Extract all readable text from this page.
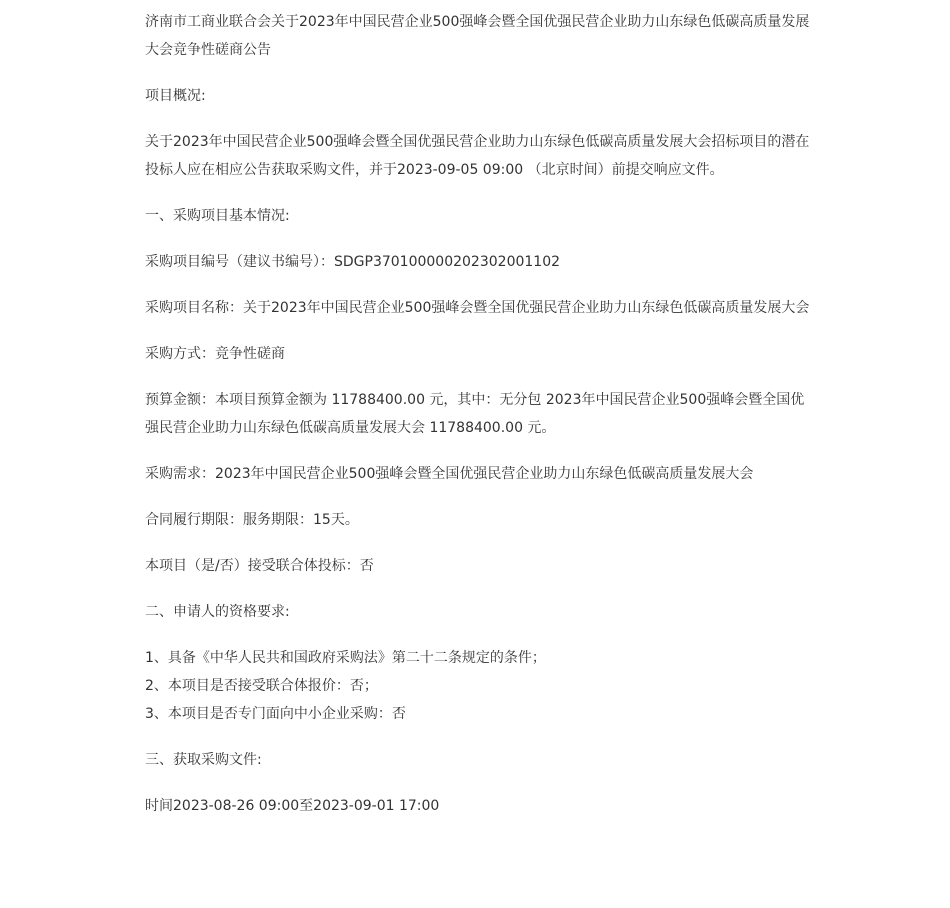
济南市工商业联合会关于2023年中国民营企业500强峰会暨全国优强民营企业助力山东绿色低碳高质量发展大会竞争性磋商公告

项目概况:

关于2023年中国民营企业500强峰会暨全国优强民营企业助力山东绿色低碳高质量发展大会招标项目的潜在投标人应在相应公告获取采购文件，并于2023-09-05 09:00 （北京时间）前提交响应文件。

一、采购项目基本情况:

采购项目编号（建议书编号）：SDGP370100000202302001102

采购项目名称：关于2023年中国民营企业500强峰会暨全国优强民营企业助力山东绿色低碳高质量发展大会

采购方式：竞争性磋商

预算金额：本项目预算金额为 11788400.00 元，其中：无分包 2023年中国民营企业500强峰会暨全国优强民营企业助力山东绿色低碳高质量发展大会 11788400.00 元。

采购需求：2023年中国民营企业500强峰会暨全国优强民营企业助力山东绿色低碳高质量发展大会

合同履行期限：服务期限：15天。

本项目（是/否）接受联合体投标：否

二、申请人的资格要求:

1、具备《中华人民共和国政府采购法》第二十二条规定的条件；

2、本项目是否接受联合体报价：否；

3、本项目是否专门面向中小企业采购：否

三、获取采购文件:

时间2023-08-26 09:00至2023-09-01 17:00
